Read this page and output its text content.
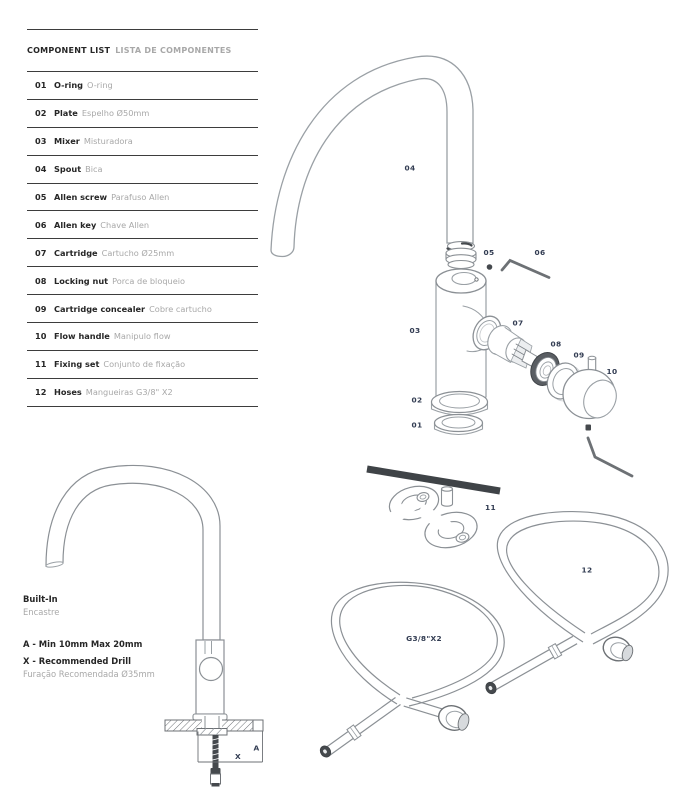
04
05	06
03
07
08
09
10
02
01
11
G3/8"X2
12
A
X
COMPONENT LIST LISTA DE COMPONENTES
01 O-ring O-ring
02 Plate Espelho Ø50mm
03 Mixer Misturadora
04 Spout Bica
05 Allen screw Parafuso Allen
06 Allen key Chave Allen
07 Cartridge Cartucho Ø25mm
08 Locking nut Porca de bloqueio
09 Cartridge concealer Cobre cartucho
10 Flow handle Manipulo flow
11 Fixing set Conjunto de fixação
12 Hoses Mangueiras G3/8" X2
Built-In
Encastre
A - Min 10mm Max 20mm
X - Recommended Drill
Furação Recomendada Ø35mm
